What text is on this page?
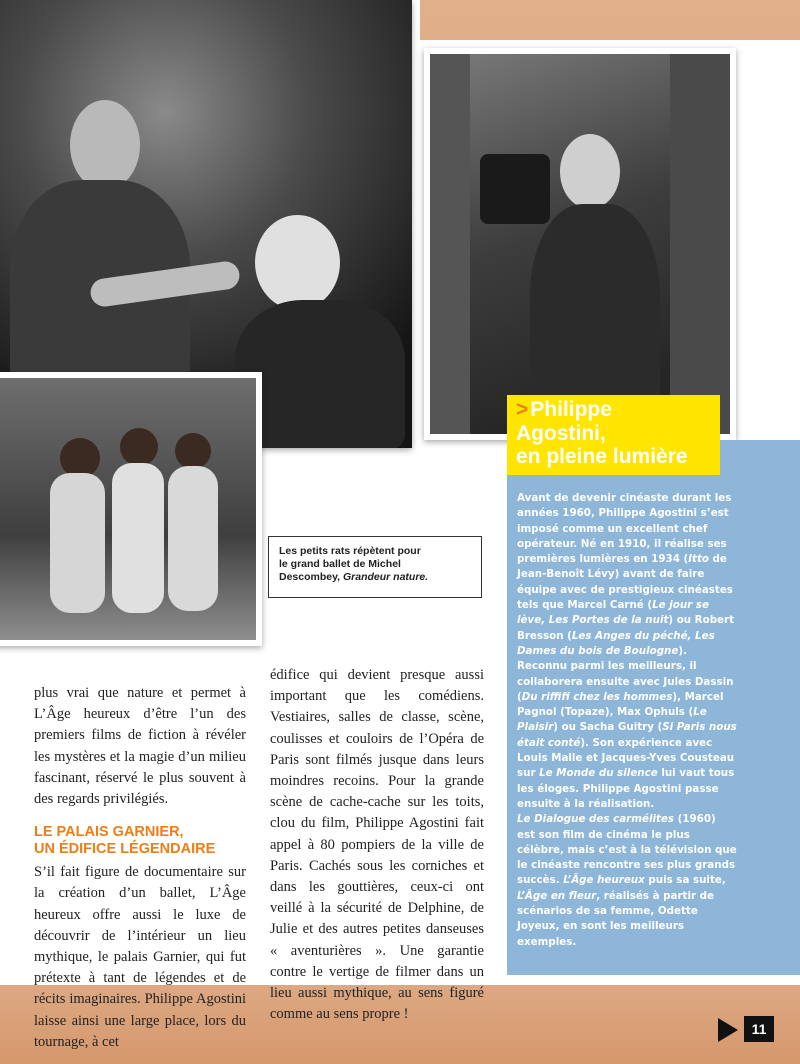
Les petits rats répètent pour
le grand ballet de Michel
Descombey, Grandeur nature.

plus vrai que nature et permet à L’Âge heureux d’être l’un des premiers films de fiction à révéler les mystères et la magie d’un milieu fascinant, réservé le plus souvent à des regards privilégiés.

LE PALAIS GARNIER,
UN ÉDIFICE LÉGENDAIRE

S’il fait figure de documentaire sur la création d’un ballet, L’Âge heureux offre aussi le luxe de découvrir de l’intérieur un lieu mythique, le palais Garnier, qui fut prétexte à tant de légendes et de récits imaginaires. Philippe Agostini laisse ainsi une large place, lors du tournage, à cet

édifice qui devient presque aussi important que les comédiens. Vestiaires, salles de classe, scène, coulisses et couloirs de l’Opéra de Paris sont filmés jusque dans leurs moindres recoins. Pour la grande scène de cache-cache sur les toits, clou du film, Philippe Agostini fait appel à 80 pompiers de la ville de Paris. Cachés sous les corniches et dans les gouttières, ceux-ci ont veillé à la sécurité de Delphine, de Julie et des autres petites danseuses « aventurières ». Une garantie contre le vertige de filmer dans un lieu aussi mythique, au sens figuré comme au sens propre !

>Philippe
Agostini,
en pleine lumière
Avant de devenir cinéaste durant les années 1960, Philippe Agostini s’est imposé comme un excellent chef opérateur. Né en 1910, il réalise ses premières lumières en 1934 (Itto de Jean-Benoît Lévy) avant de faire équipe avec de prestigieux cinéastes tels que Marcel Carné (Le jour se lève, Les Portes de la nuit) ou Robert Bresson (Les Anges du péché, Les Dames du bois de Boulogne).
Reconnu parmi les meilleurs, il collaborera ensuite avec Jules Dassin (Du riffifi chez les hommes), Marcel Pagnol (Topaze), Max Ophuls (Le Plaisir) ou Sacha Guitry (Si Paris nous était conté). Son expérience avec Louis Malle et Jacques-Yves Cousteau sur Le Monde du silence lui vaut tous les éloges. Philippe Agostini passe ensuite à la réalisation.
Le Dialogue des carmélites (1960) est son film de cinéma le plus célèbre, mais c’est à la télévision que le cinéaste rencontre ses plus grands succès. L’Âge heureux puis sa suite, L’Âge en fleur, réalisés à partir de scénarios de sa femme, Odette Joyeux, en sont les meilleurs exemples.
11
